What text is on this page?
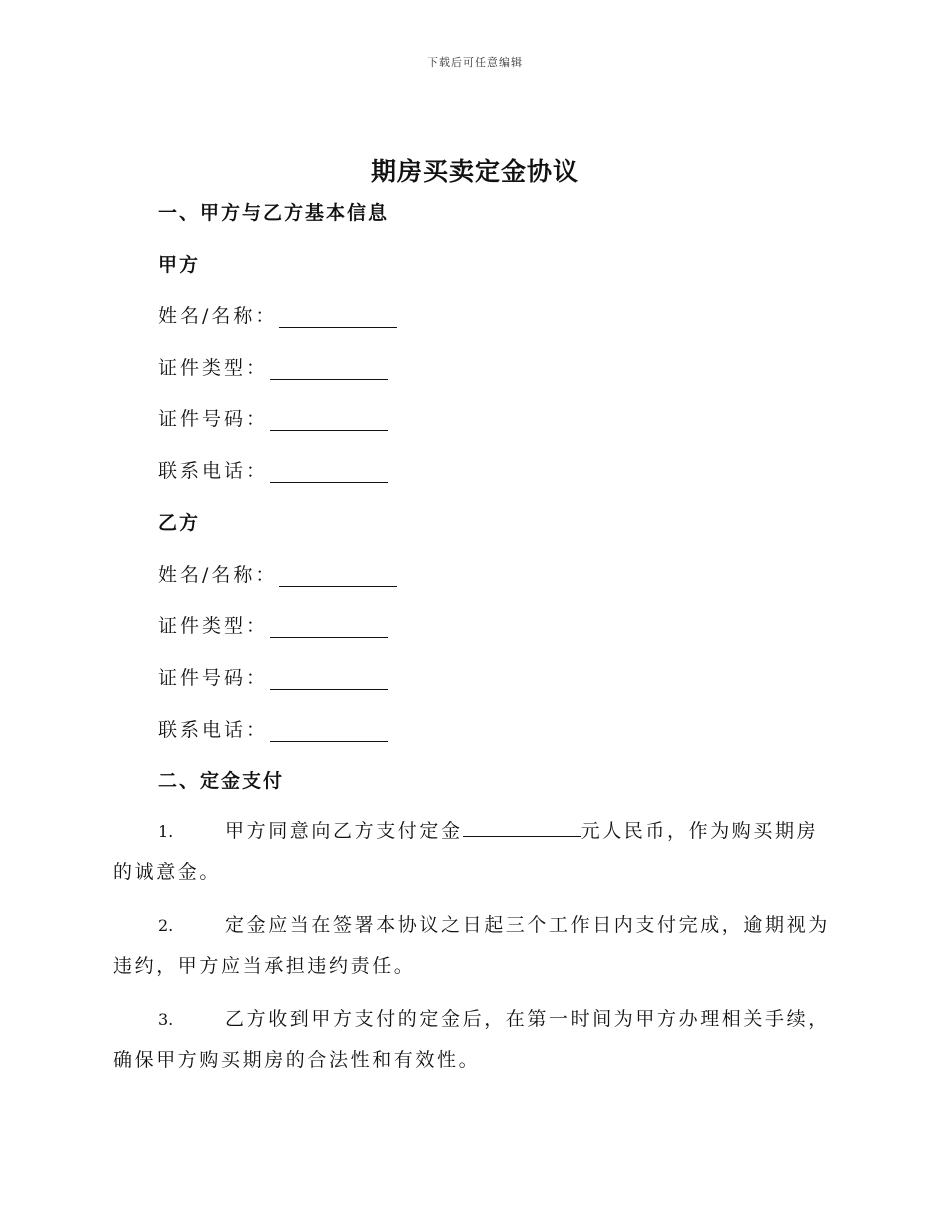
下载后可任意编辑
期房买卖定金协议
一、甲方与乙方基本信息
甲方
姓名/名称：
证件类型：
证件号码：
联系电话：
乙方
姓名/名称：
证件类型：
证件号码：
联系电话：
二、定金支付
1.	甲方同意向乙方支付定金	元人民币，作为购买期房的诚意金。
2.	定金应当在签署本协议之日起三个工作日内支付完成，逾期视为违约，甲方应当承担违约责任。
3.	乙方收到甲方支付的定金后，在第一时间为甲方办理相关手续，确保甲方购买期房的合法性和有效性。
